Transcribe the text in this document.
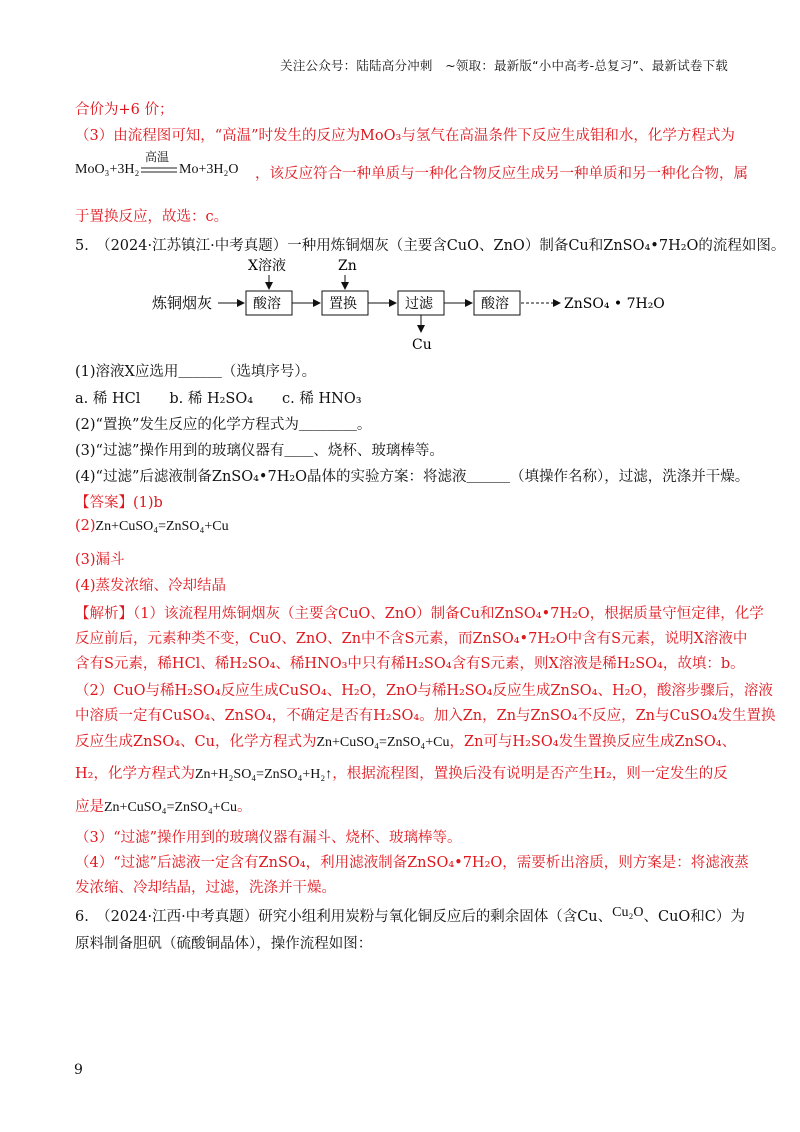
关注公众号：陆陆高分冲刺　~领取：最新版“小中高考-总复习”、最新试卷下载
合价为+6 价；
（3）由流程图可知，“高温”时发生的反应为MoO₃与氢气在高温条件下反应生成钼和水，化学方程式为
MoO₃+3H₂
高温
Mo+3H₂O ，该反应符合一种单质与一种化合物反应生成另一种单质和另一种化合物，属
于置换反应，故选：c。
5.　（2024·江苏镇江·中考真题）一种用炼铜烟灰（主要含CuO、ZnO）制备Cu和ZnSO₄•7H₂O的流程如图。
炼铜烟灰	酸溶
X溶液
置换
Zn
过滤
Cu
酸溶	ZnSO₄ • 7H₂O
(1)溶液X应选用＿＿＿（选填序号）。
a. 稀 HCl　　b. 稀 H₂SO₄　　c. 稀 HNO₃
(2)“置换”发生反应的化学方程式为＿＿＿＿。
(3)“过滤”操作用到的玻璃仪器有＿＿、烧杯、玻璃棒等。
(4)“过滤”后滤液制备ZnSO₄•7H₂O晶体的实验方案：将滤液＿＿＿（填操作名称），过滤，洗涤并干燥。
【答案】(1)b
(2)Zn+CuSO₄=ZnSO₄+Cu
(3)漏斗
(4)蒸发浓缩、冷却结晶
【解析】（1）该流程用炼铜烟灰（主要含CuO、ZnO）制备Cu和ZnSO₄•7H₂O，根据质量守恒定律，化学
反应前后，元素种类不变，CuO、ZnO、Zn中不含S元素，而ZnSO₄•7H₂O中含有S元素，说明X溶液中
含有S元素，稀HCl、稀H₂SO₄、稀HNO₃中只有稀H₂SO₄含有S元素，则X溶液是稀H₂SO₄，故填：b。
（2）CuO与稀H₂SO₄反应生成CuSO₄、H₂O，ZnO与稀H₂SO₄反应生成ZnSO₄、H₂O，酸溶步骤后，溶液
中溶质一定有CuSO₄、ZnSO₄，不确定是否有H₂SO₄。加入Zn，Zn与ZnSO₄不反应，Zn与CuSO₄发生置换
反应生成ZnSO₄、Cu，化学方程式为Zn+CuSO₄=ZnSO₄+Cu，Zn可与H₂SO₄发生置换反应生成ZnSO₄、
H₂，化学方程式为Zn+H₂SO₄=ZnSO₄+H₂↑，根据流程图，置换后没有说明是否产生H₂，则一定发生的反
应是Zn+CuSO₄=ZnSO₄+Cu。
（3）“过滤”操作用到的玻璃仪器有漏斗、烧杯、玻璃棒等。
（4）“过滤”后滤液一定含有ZnSO₄，利用滤液制备ZnSO₄•7H₂O，需要析出溶质，则方案是：将滤液蒸
发浓缩、冷却结晶，过滤，洗涤并干燥。
6.　（2024·江西·中考真题）研究小组利用炭粉与氧化铜反应后的剩余固体（含Cu、Cu₂O、CuO和C）为
原料制备胆矾（硫酸铜晶体），操作流程如图：
9
